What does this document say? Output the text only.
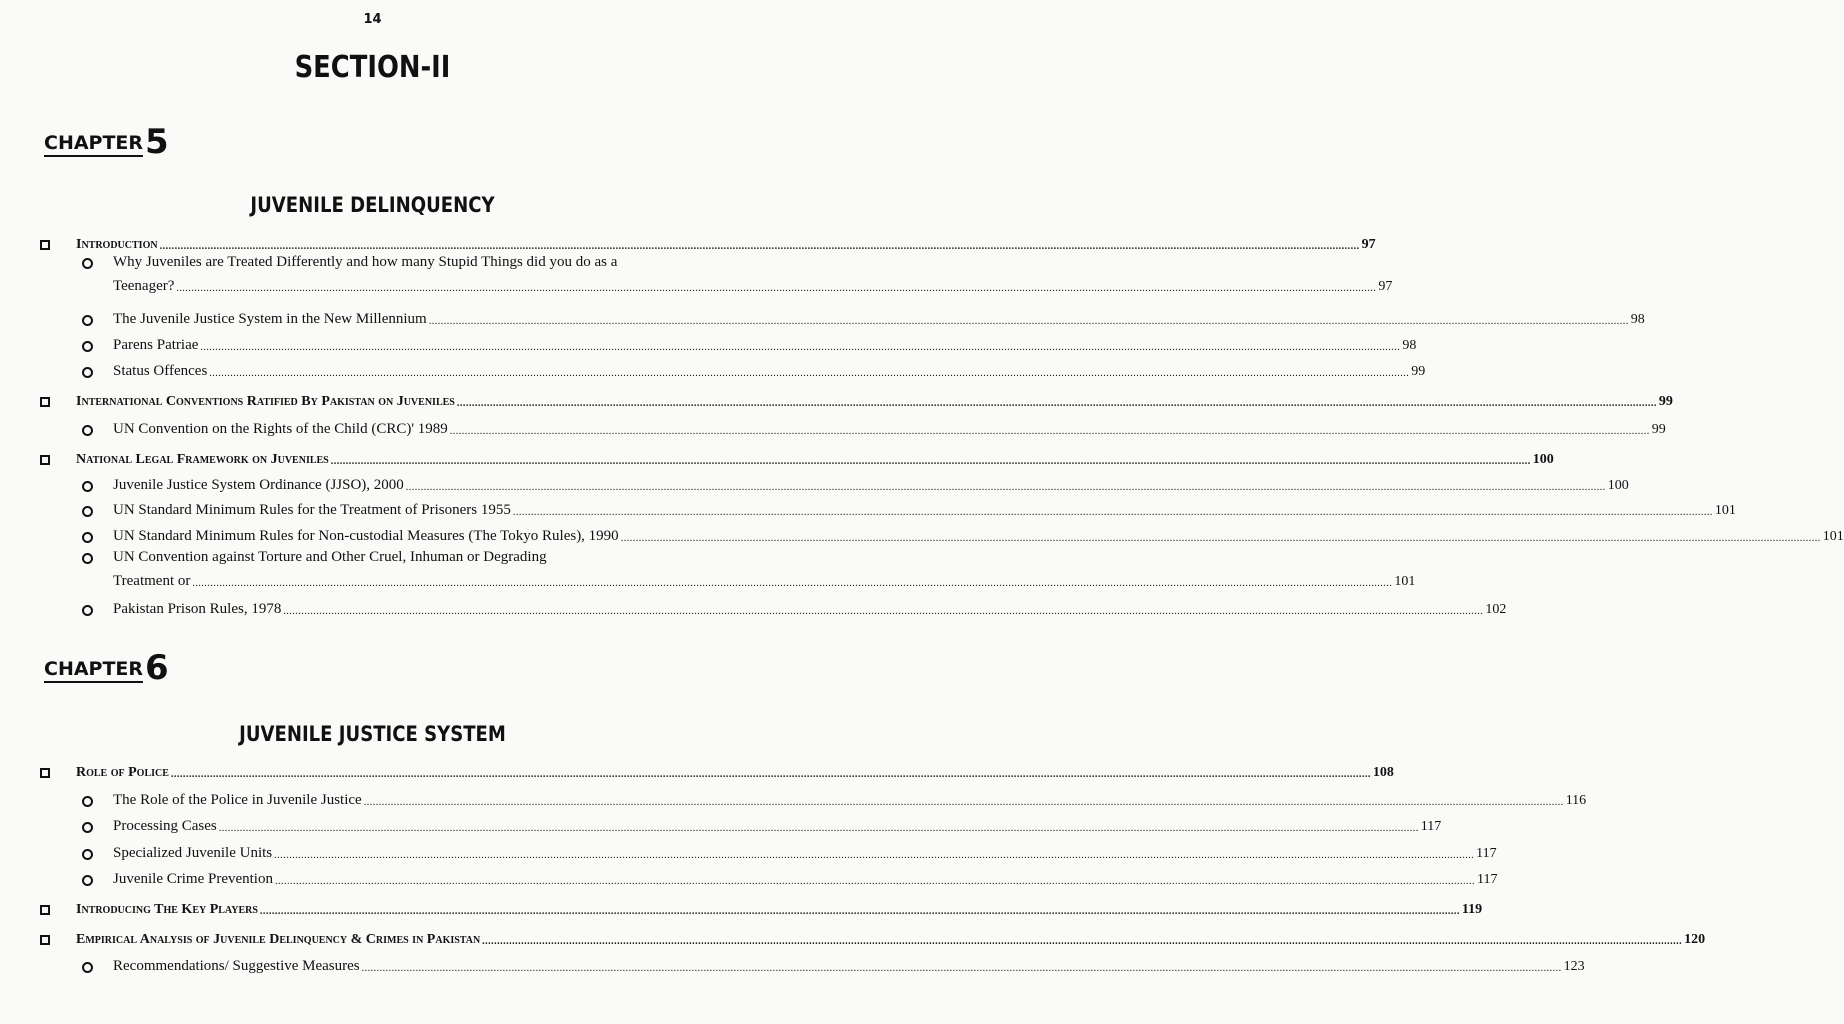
14
SECTION-II
CHAPTER5
JUVENILE DELINQUENCY
CHAPTER6
JUVENILE JUSTICE SYSTEM
Introduction ................................................................................................................................................................................................................................................................................................................................................................................................................ 97
Why Juveniles are Treated Differently and how many Stupid Things did you do as a
Teenager? ................................................................................................................................................................................................................................................................................................................................................................................................................ 97
The Juvenile Justice System in the New Millennium ................................................................................................................................................................................................................................................................................................................................................................................................................ 98
Parens Patriae ................................................................................................................................................................................................................................................................................................................................................................................................................ 98
Status Offences ................................................................................................................................................................................................................................................................................................................................................................................................................ 99
International Conventions Ratified By Pakistan on Juveniles ................................................................................................................................................................................................................................................................................................................................................................................................................ 99
UN Convention on the Rights of the Child (CRC)' 1989 ................................................................................................................................................................................................................................................................................................................................................................................................................ 99
National Legal Framework on Juveniles ................................................................................................................................................................................................................................................................................................................................................................................................................ 100
Juvenile Justice System Ordinance (JJSO), 2000 ................................................................................................................................................................................................................................................................................................................................................................................................................ 100
UN Standard Minimum Rules for the Treatment of Prisoners 1955 ................................................................................................................................................................................................................................................................................................................................................................................................................ 101
UN Standard Minimum Rules for Non-custodial Measures (The Tokyo Rules), 1990 ................................................................................................................................................................................................................................................................................................................................................................................................................ 101
UN Convention against Torture and Other Cruel, Inhuman or Degrading
Treatment or ................................................................................................................................................................................................................................................................................................................................................................................................................ 101
Pakistan Prison Rules, 1978 ................................................................................................................................................................................................................................................................................................................................................................................................................ 102
Role of Police ................................................................................................................................................................................................................................................................................................................................................................................................................ 108
The Role of the Police in Juvenile Justice ................................................................................................................................................................................................................................................................................................................................................................................................................ 116
Processing Cases ................................................................................................................................................................................................................................................................................................................................................................................................................ 117
Specialized Juvenile Units ................................................................................................................................................................................................................................................................................................................................................................................................................ 117
Juvenile Crime Prevention ................................................................................................................................................................................................................................................................................................................................................................................................................ 117
Introducing The Key Players ................................................................................................................................................................................................................................................................................................................................................................................................................ 119
Empirical Analysis of Juvenile Delinquency & Crimes in Pakistan ................................................................................................................................................................................................................................................................................................................................................................................................................ 120
Recommendations/ Suggestive Measures ................................................................................................................................................................................................................................................................................................................................................................................................................ 123
